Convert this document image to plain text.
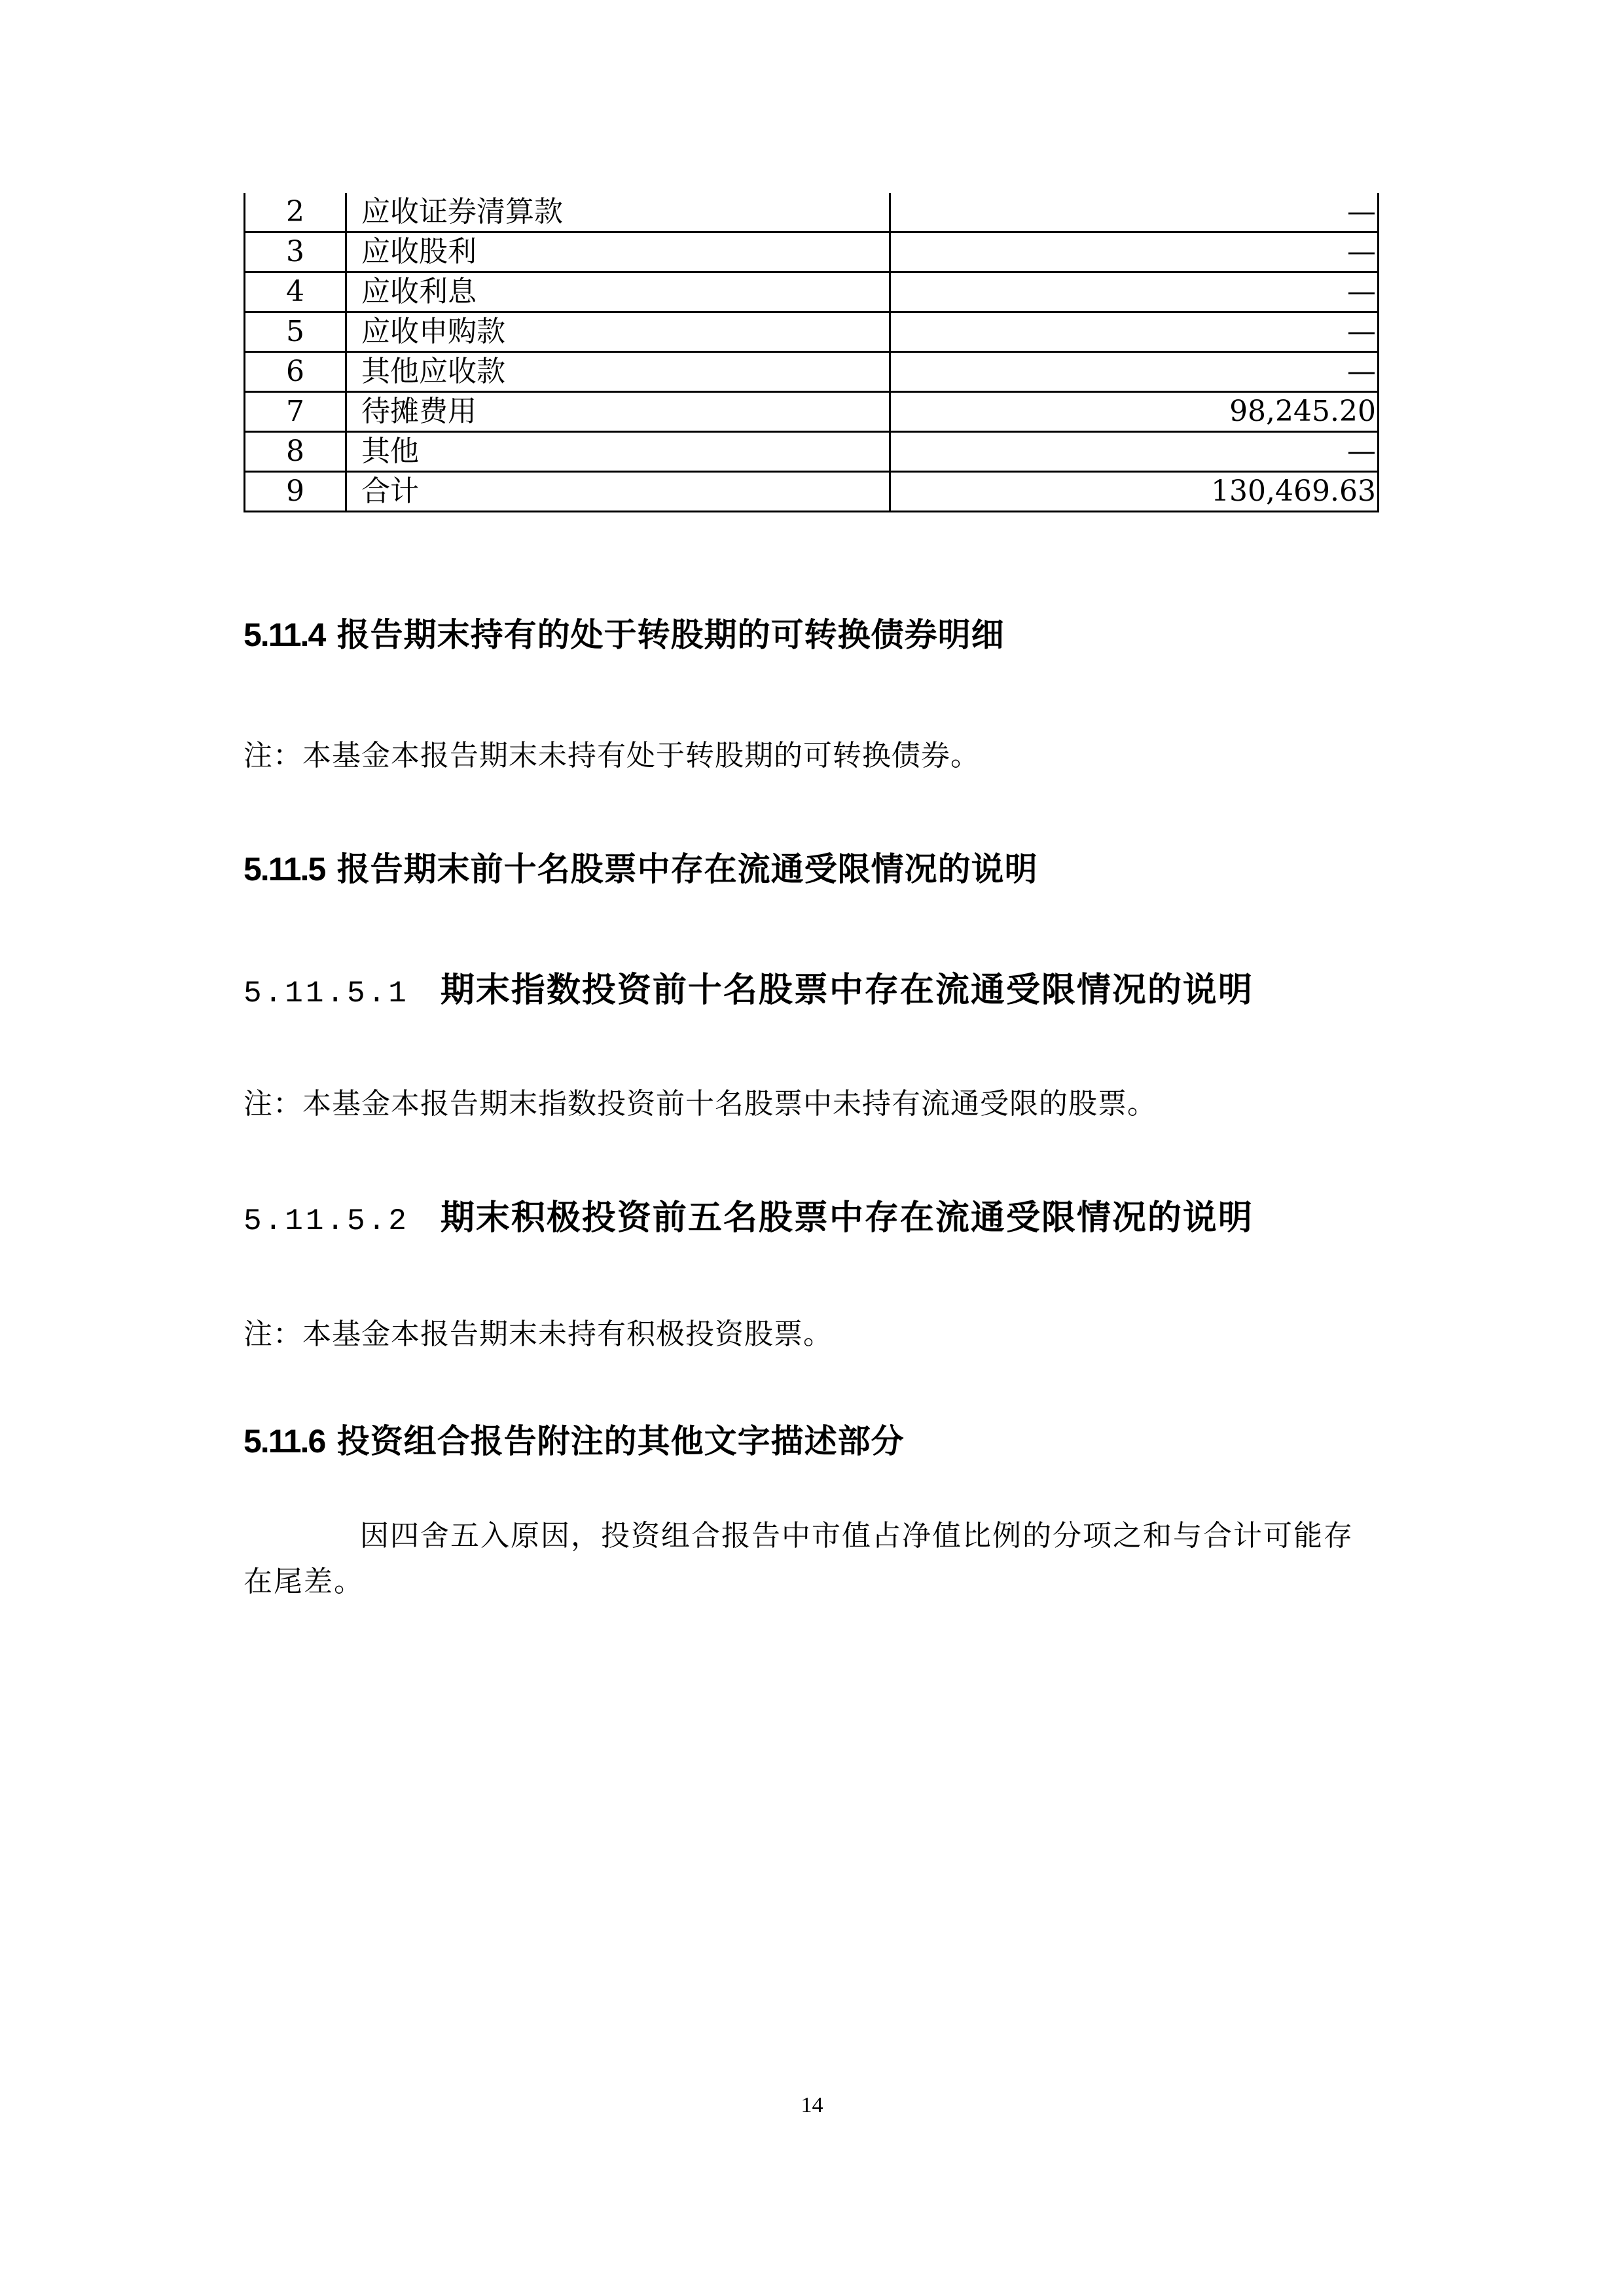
2	应收证券清算款	—
3	应收股利	—
4	应收利息	—
5	应收申购款	—
6	其他应收款	—
7	待摊费用	98,245.20
8	其他	—
9	合计	130,469.63
5.11.4 报告期末持有的处于转股期的可转换债券明细
注：本基金本报告期末未持有处于转股期的可转换债券。
5.11.5 报告期末前十名股票中存在流通受限情况的说明
5.11.5.1 期末指数投资前十名股票中存在流通受限情况的说明
注：本基金本报告期末指数投资前十名股票中未持有流通受限的股票。
5.11.5.2 期末积极投资前五名股票中存在流通受限情况的说明
注：本基金本报告期末未持有积极投资股票。
5.11.6 投资组合报告附注的其他文字描述部分
因四舍五入原因，投资组合报告中市值占净值比例的分项之和与合计可能存在尾差。
14
